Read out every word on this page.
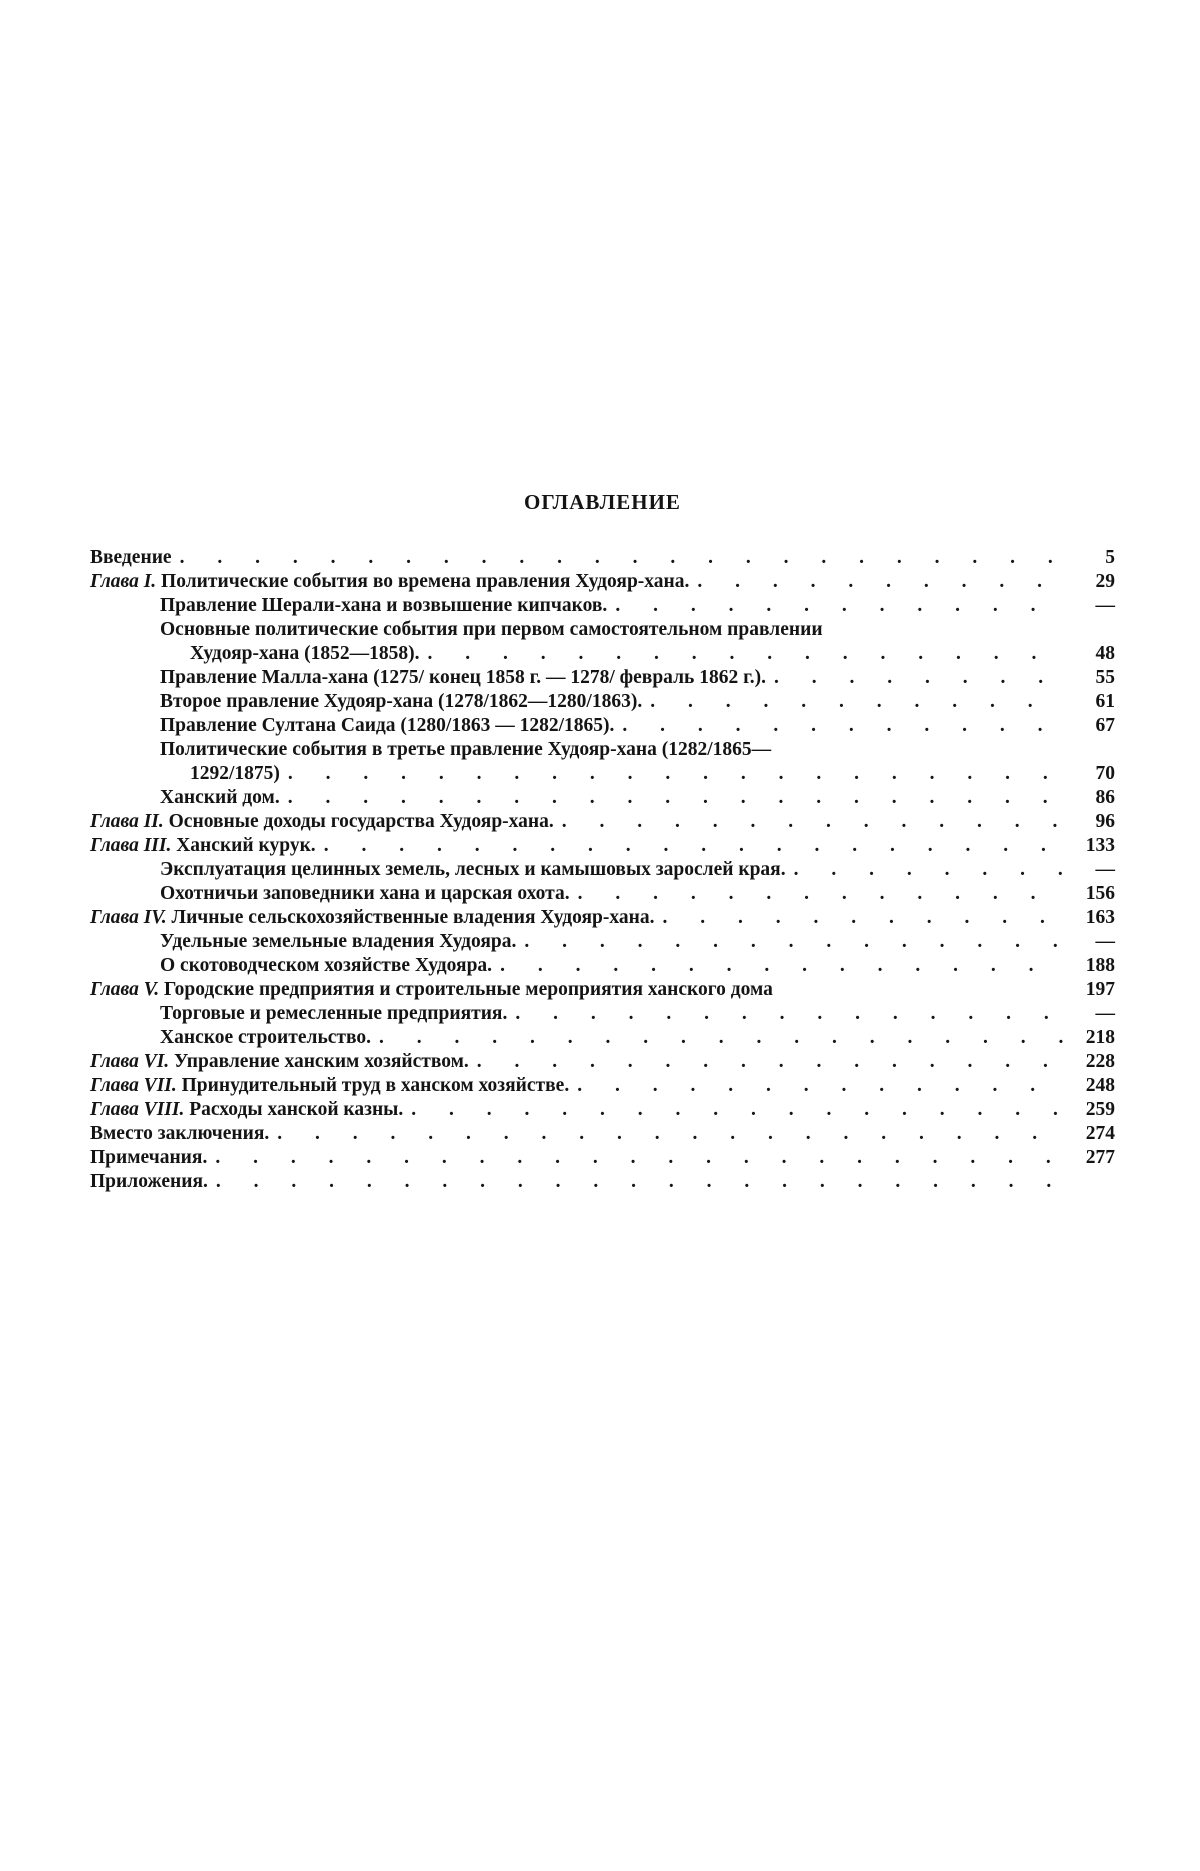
ОГЛАВЛЕНИЕ
Введение . . .	5
Глава I. Политические события во времена правления Худояр-хана. . . .	29
Правление Шерали-хана и возвышение кипчаков. . . .	—
Основные политические события при первом самостоятельном правлении
Худояр-хана (1852—1858). . . .	48
Правление Малла-хана (1275/ конец 1858 г. — 1278/ февраль 1862 г.). . . .	55
Второе правление Худояр-хана (1278/1862—1280/1863). . . .	61
Правление Султана Саида (1280/1863 — 1282/1865). . . .	67
Политические события в третье правление Худояр-хана (1282/1865—
1292/1875) . . .	70
Ханский дом. . . .	86
Глава II. Основные доходы государства Худояр-хана. . . .	96
Глава III. Ханский курук. . . .	133
Эксплуатация целинных земель, лесных и камышовых зарослей края. . . .	—
Охотничьи заповедники хана и царская охота. . . .	156
Глава IV. Личные сельскохозяйственные владения Худояр-хана. . . .	163
Удельные земельные владения Худояра. . . .	—
О скотоводческом хозяйстве Худояра. . . .	188
Глава V. Городские предприятия и строительные мероприятия ханского дома	197
Торговые и ремесленные предприятия. . . .	—
Ханское строительство. . . .	218
Глава VI. Управление ханским хозяйством. . . .	228
Глава VII. Принудительный труд в ханском хозяйстве. . . .	248
Глава VIII. Расходы ханской казны. . . .	259
Вместо заключения. . . .	274
Примечания. . . .	277
Приложения.
. . .
